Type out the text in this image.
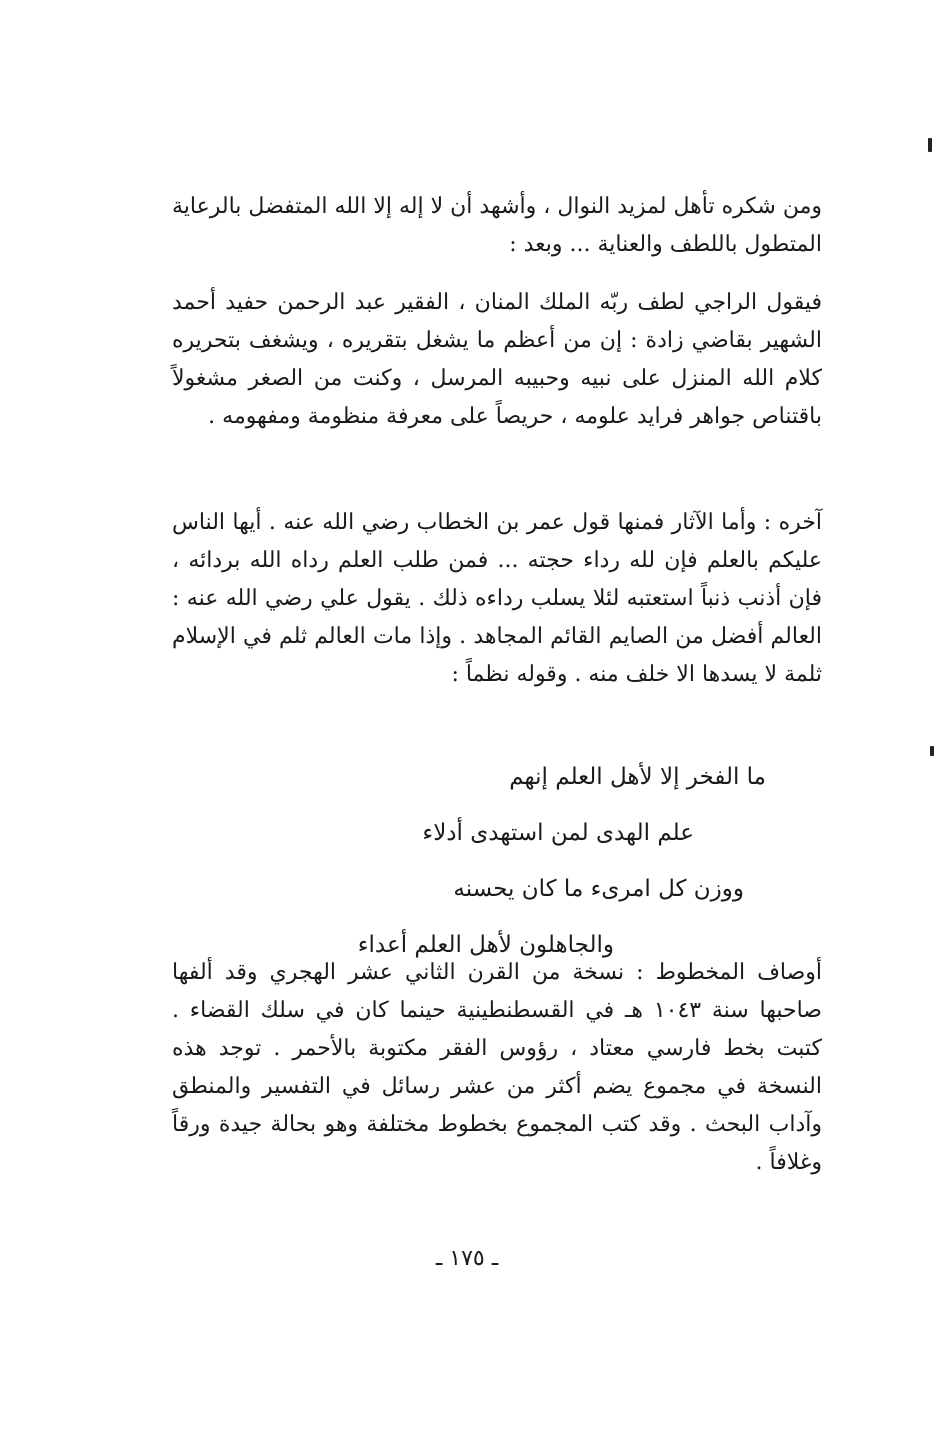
ومن شكره تأهل لمزيد النوال ، وأشهد أن لا إله إلا الله المتفضل بالرعاية المتطول باللطف والعناية ... وبعد :
فيقول الراجي لطف ربّه الملك المنان ، الفقير عبد الرحمن حفيد أحمد الشهير بقاضي زادة : إن من أعظم ما يشغل بتقريره ، ويشغف بتحريره كلام الله المنزل على نبيه وحبيبه المرسل ، وكنت من الصغر مشغولاً باقتناص جواهر فرايد علومه ، حريصاً على معرفة منظومة ومفهومه .
آخره : وأما الآثار فمنها قول عمر بن الخطاب رضي الله عنه . أيها الناس عليكم بالعلم فإن لله رداء حجته ... فمن طلب العلم رداه الله بردائه ، فإن أذنب ذنباً استعتبه لئلا يسلب رداءه ذلك . يقول علي رضي الله عنه : العالم أفضل من الصايم القائم المجاهد . وإذا مات العالم ثلم في الإسلام ثلمة لا يسدها الا خلف منه . وقوله نظماً :
ما الفخر إلا لأهل العلم إنهم
علم الهدى لمن استهدى أدلاء
ووزن كل امرىء ما كان يحسنه
والجاهلون لأهل العلم أعداء
أوصاف المخطوط : نسخة من القرن الثاني عشر الهجري وقد ألفها صاحبها سنة ١٠٤٣ هـ في القسطنطينية حينما كان في سلك القضاء . كتبت بخط فارسي معتاد ، رؤوس الفقر مكتوبة بالأحمر . توجد هذه النسخة في مجموع يضم أكثر من عشر رسائل في التفسير والمنطق وآداب البحث . وقد كتب المجموع بخطوط مختلفة وهو بحالة جيدة ورقاً وغلافاً .
ـ ١٧٥ ـ
